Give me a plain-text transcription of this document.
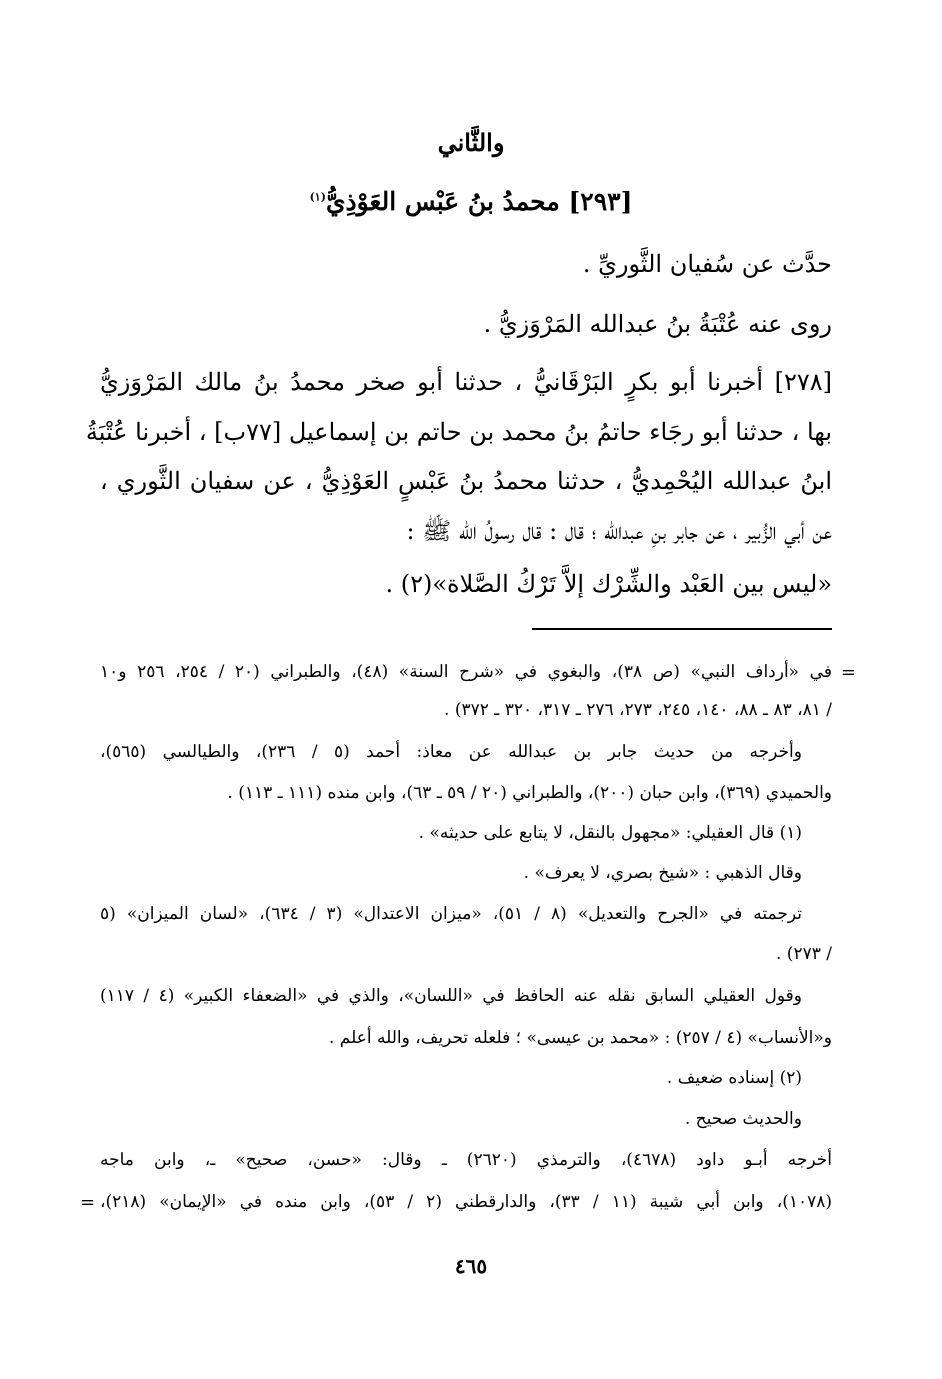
والثَّاني
[٢٩٣] محمدُ بنُ عَبْس العَوْذِيُّ$^{(١)}$
حدَّث عن سُفيان الثَّوريِّ .
روى عنه عُتْبَةُ بنُ عبدالله المَرْوَزيُّ .
[٢٧٨] أخبرنا أبو بكرٍ البَرْقَانيُّ ، حدثنا أبو صخر محمدُ بنُ مالك المَرْوَزيُّ
بها ، حدثنا أبو رجَاء حاتمُ بنُ محمد بن حاتم بن إسماعيل [٧٧ب] ، أخبرنا عُتْبَةُ
ابنُ عبدالله اليُحْمِديُّ ، حدثنا محمدُ بنُ عَبْسٍ العَوْذِيُّ ، عن سفيان الثَّوري ،
عن أبي الزُّبير ، عن جابر بنِ عبدالله ؛ قال : قال رسولُ الله ﷺ :
«ليس بين العَبْد والشِّرْك إلاَّ تَرْكُ الصَّلاة»(٢) .
=
في «أرداف النبي» (ص ٣٨)، والبغوي في «شرح السنة» (٤٨)، والطبراني (٢٠ / ٢٥٤، ٢٥٦ و١٠
/ ٨١، ٨٣ ـ ٨٨، ١٤٠، ٢٤٥، ٢٧٣، ٢٧٦ ـ ٣١٧، ٣٢٠ ـ ٣٧٢) .
وأخرجه من حديث جابر بن عبدالله عن معاذ: أحمد (٥ / ٢٣٦)، والطيالسي (٥٦٥)،
والحميدي (٣٦٩)، وابن حبان (٢٠٠)، والطبراني (٢٠ / ٥٩ ـ ٦٣)، وابن منده (١١١ ـ ١١٣) .
(١) قال العقيلي: «مجهول بالنقل، لا يتابع على حديثه» .
وقال الذهبي : «شيخ بصري، لا يعرف» .
ترجمته في «الجرح والتعديل» (٨ / ٥١)، «ميزان الاعتدال» (٣ / ٦٣٤)، «لسان الميزان» (٥
/ ٢٧٣) .
وقول العقيلي السابق نقله عنه الحافظ في «اللسان»، والذي في «الضعفاء الكبير» (٤ / ١١٧)
و«الأنساب» (٤ / ٢٥٧) : «محمد بن عيسى» ؛ فلعله تحريف، والله أعلم .
(٢) إسناده ضعيف .
والحديث صحيح .
أخرجه أبـو داود (٤٦٧٨)، والترمذي (٢٦٢٠) ـ وقال: «حسن، صحيح» ـ، وابن ماجه
(١٠٧٨)، وابن أبي شيبة (١١ / ٣٣)، والدارقطني (٢ / ٥٣)، وابن منده في «الإيمان» (٢١٨)،
=
٤٦٥
